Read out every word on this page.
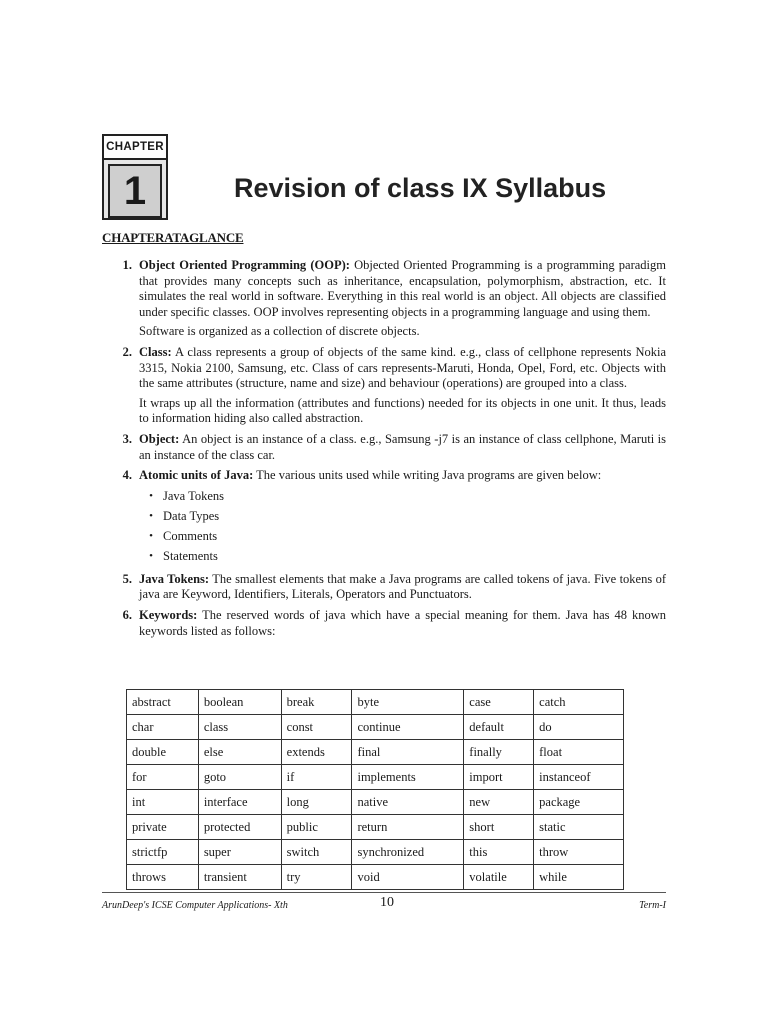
CHAPTER
1	Revision of class IX Syllabus
CHAPTERATAGLANCE
1. Object Oriented Programming (OOP): Objected Oriented Programming is a programming paradigm that provides many concepts such as inheritance, encapsulation, polymorphism, abstraction, etc. It simulates the real world in software. Everything in this real world is an object. All objects are classified under specific classes. OOP involves representing objects in a programming language and using them.
Software is organized as a collection of discrete objects.
2. Class: A class represents a group of objects of the same kind. e.g., class of cellphone represents Nokia 3315, Nokia 2100, Samsung, etc. Class of cars represents-Maruti, Honda, Opel, Ford, etc. Objects with the same attributes (structure, name and size) and behaviour (operations) are grouped into a class.
It wraps up all the information (attributes and functions) needed for its objects in one unit. It thus, leads to information hiding also called abstraction.
3. Object: An object is an instance of a class. e.g., Samsung -j7 is an instance of class cellphone, Maruti is an instance of the class car.
4. Atomic units of Java: The various units used while writing Java programs are given below:
• Java Tokens
• Data Types
• Comments
• Statements
5. Java Tokens: The smallest elements that make a Java programs are called tokens of java. Five tokens of java are Keyword, Identifiers, Literals, Operators and Punctuators.
6. Keywords: The reserved words of java which have a special meaning for them. Java has 48 known keywords listed as follows:
abstract	boolean	break	byte	case	catch
char	class	const	continue	default	do
double	else	extends	final	finally	float
for	goto	if	implements	import	instanceof
int	interface	long	native	new	package
private	protected	public	return	short	static
strictfp	super	switch	synchronized	this	throw
throws	transient	try	void	volatile	while
ArunDeep's ICSE Computer Applications- Xth	10	Term-I
